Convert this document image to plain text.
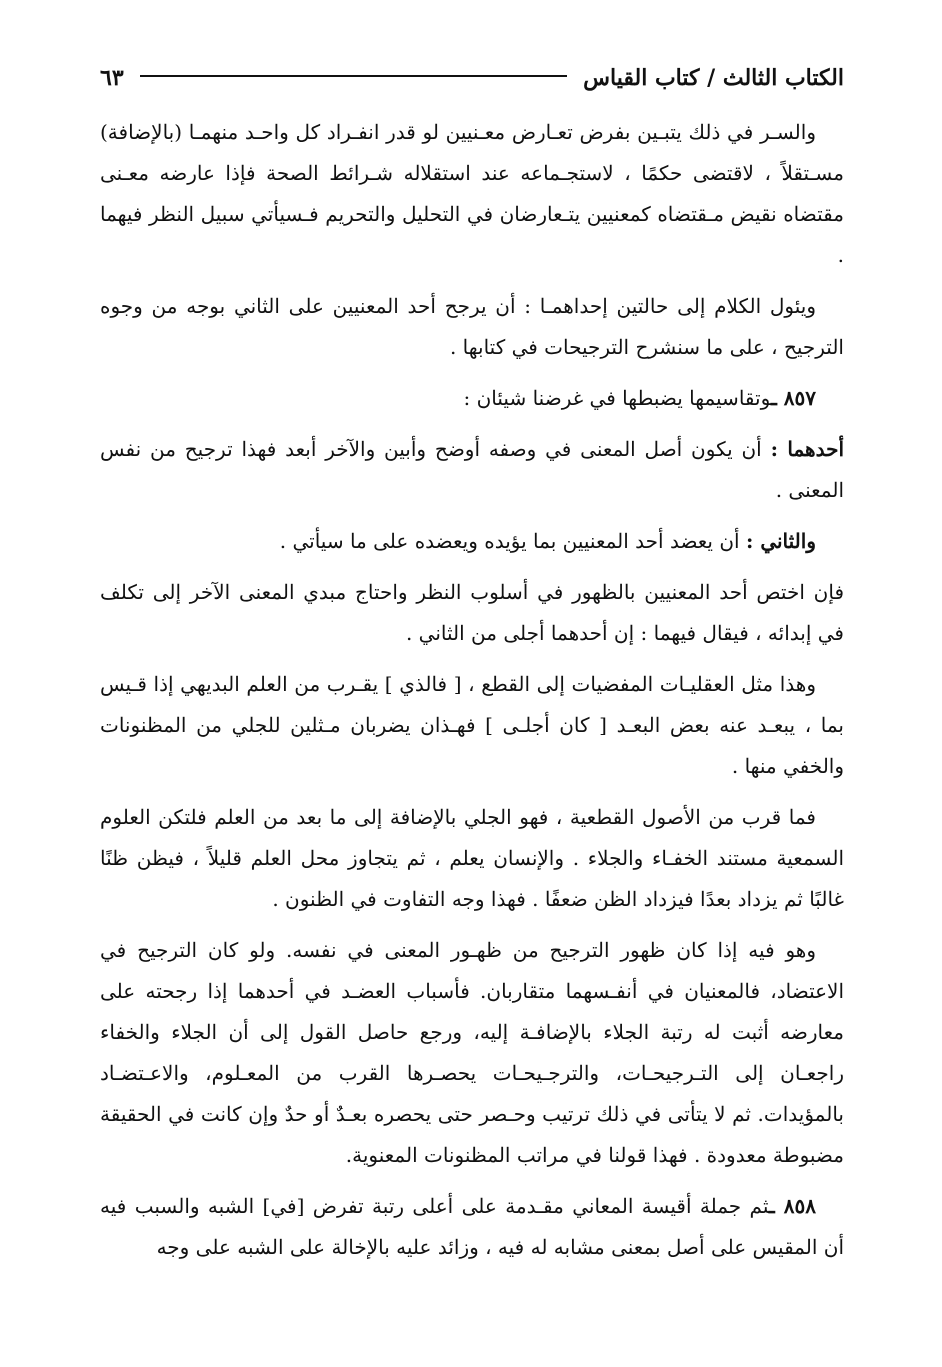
الكتاب الثالث / كتاب القياس
٦٣

والسـر في ذلك يتبـين بفرض تعـارض معـنيين لو قدر انفـراد كل واحـد منهمـا (بالإضافة) مسـتقلاً ، لاقتضى حكمًا ، لاستجـماعه عند استقلاله شـرائط الصحة فإذا عارضه معـنى مقتضاه نقيض مـقتضاه كمعنيين يتـعارضان في التحليل والتحريم فـسيأتي سبيل النظر فيهما .

ويئول الكلام إلى حالتين إحداهمـا : أن يرجح أحد المعنيين على الثاني بوجه من وجوه الترجيح ، على ما سنشرح الترجيحات في كتابها .

٨٥٧ ـوتقاسيمها يضبطها في غرضنا شيئان :

أحدهما : أن يكون أصل المعنى في وصفه أوضح وأبين والآخر أبعد فهذا ترجيح من نفس المعنى .

والثاني : أن يعضد أحد المعنيين بما يؤيده ويعضده على ما سيأتي .

فإن اختص أحد المعنيين بالظهور في أسلوب النظر واحتاج مبدي المعنى الآخر إلى تكلف في إبدائه ، فيقال فيهما : إن أحدهما أجلى من الثاني .

وهذا مثل العقليـات المفضيات إلى القطع ، [ فالذي ] يقـرب من العلم البديهي إذا قـيس بما ، يبعـد عنه بعض البعـد [ كان أجلـى ] فهـذان يضربان مـثلين للجلي من المظنونات والخفي منها .

فما قرب من الأصول القطعية ، فهو الجلي بالإضافة إلى ما بعد من العلم فلتكن العلوم السمعية مستند الخفـاء والجلاء . والإنسان يعلم ، ثم يتجاوز محل العلم قليلاً ، فيظن ظنًا غالبًا ثم يزداد بعدًا فيزداد الظن ضعفًا . فهذا وجه التفاوت في الظنون .

وهو فيه إذا كان ظهور الترجيح من ظهـور المعنى في نفسه. ولو كان الترجيح في الاعتضاد، فالمعنيان في أنفـسهما متقاربان. فأسباب العضـد في أحدهما إذا رجحته على معارضه أثبت له رتبة الجلاء بالإضافـة إليه، ورجع حاصل القول إلى أن الجلاء والخفاء راجعـان إلى التـرجيحـات، والترجـيحـات يحصـرها القرب من المعـلوم، والاعـتضـاد بالمؤيدات. ثم لا يتأتى في ذلك ترتيب وحـصر حتى يحصره بعـدٌ أو حدٌ وإن كانت في الحقيقة مضبوطة معدودة . فهذا قولنا في مراتب المظنونات المعنوية.

٨٥٨ ـثم جملة أقيسة المعاني مقـدمة على أعلى رتبة تفرض [في] الشبه والسبب فيه أن المقيس على أصل بمعنى مشابه له فيه ، وزائد عليه بالإخالة على الشبه على وجه
